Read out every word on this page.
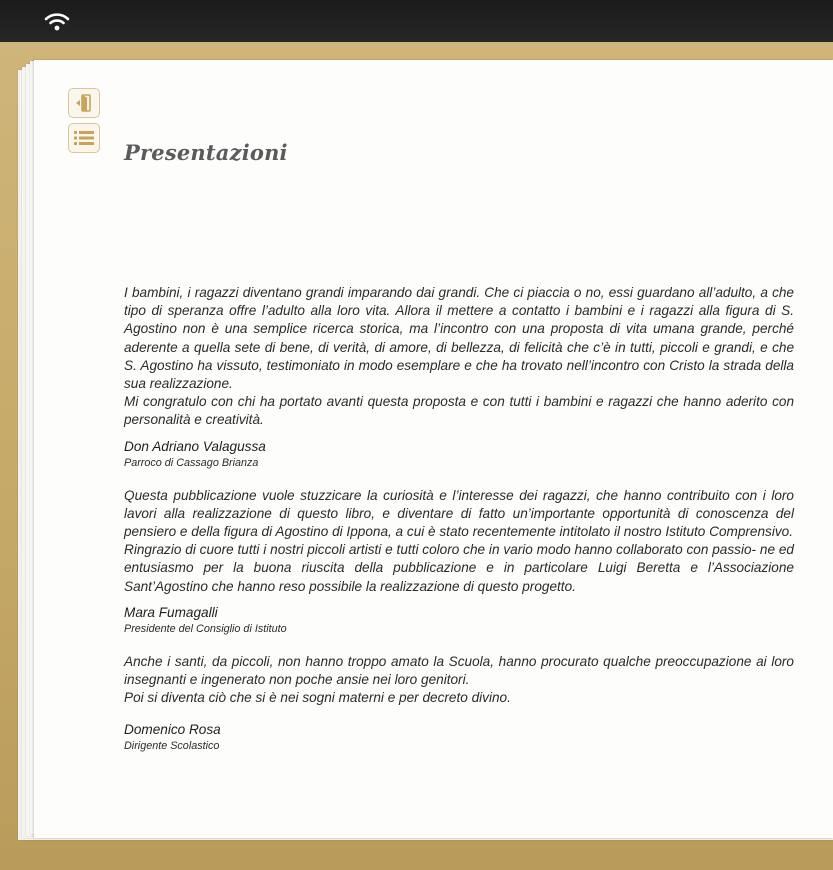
Presentazioni

I bambini, i ragazzi diventano grandi imparando dai grandi. Che ci piaccia o no, essi guardano all’adulto, a che tipo di speranza offre l’adulto alla loro vita. Allora il mettere a contatto i bambini e i ragazzi alla figura di S. Agostino non è una semplice ricerca storica, ma l’incontro con una proposta di vita umana grande, perché aderente a quella sete di bene, di verità, di amore, di bellezza, di felicità che c’è in tutti, piccoli e grandi, e che S. Agostino ha vissuto, testimoniato in modo esemplare e che ha trovato nell’incontro con Cristo la strada della sua realizzazione.

Mi congratulo con chi ha portato avanti questa proposta e con tutti i bambini e ragazzi che hanno aderito con personalità e creatività.

Don Adriano Valagussa
Parroco di Cassago Brianza

Questa pubblicazione vuole stuzzicare la curiosità e l’interesse dei ragazzi, che hanno contribuito con i loro lavori alla realizzazione di questo libro, e diventare di fatto un’importante opportunità di conoscenza del pensiero e della figura di Agostino di Ippona, a cui è stato recentemente intitolato il nostro Istituto Comprensivo.

Ringrazio di cuore tutti i nostri piccoli artisti e tutti coloro che in vario modo hanno collaborato con passio- ne ed entusiasmo per la buona riuscita della pubblicazione e in particolare Luigi Beretta e l’Associazione Sant’Agostino che hanno reso possibile la realizzazione di questo progetto.

Mara Fumagalli
Presidente del Consiglio di Istituto

Anche i santi, da piccoli, non hanno troppo amato la Scuola, hanno procurato qualche preoccupazione ai loro insegnanti e ingenerato non poche ansie nei loro genitori.

Poi si diventa ciò che si è nei sogni materni e per decreto divino.

Domenico Rosa
Dirigente Scolastico
